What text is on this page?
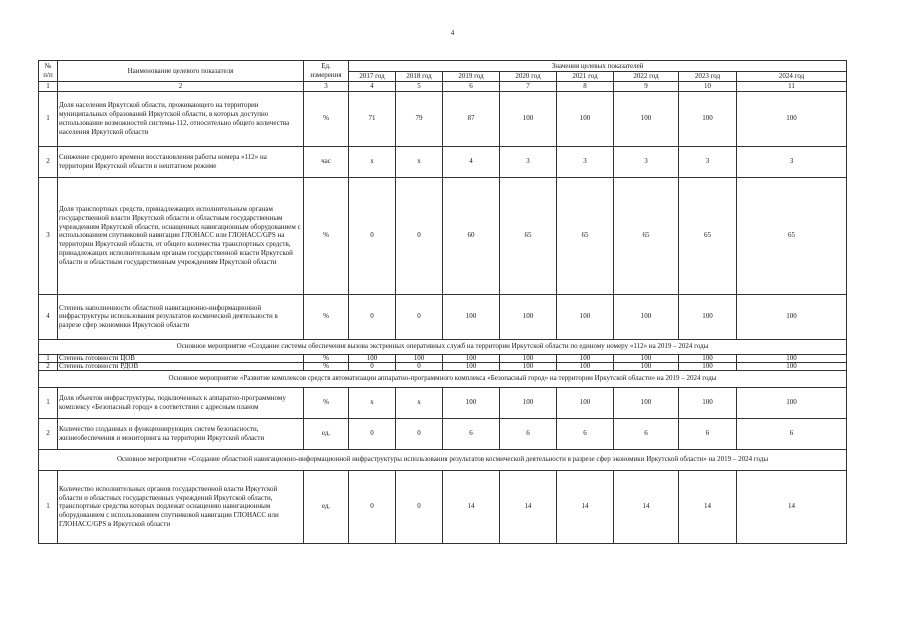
4
№ п/п	Наименование целевого показателя	Ед. измерения	Значения целевых показателей							
			2017 год	2018 год	2019 год	2020 год	2021 год	2022 год	2023 год	2024 год
1	2	3	4	5	6	7	8	9	10	11
1	Доля населения Иркутской области, проживающего на территории муниципальных образований Иркутской области, в которых доступно использование возможностей системы-112, относительно общего количества населения Иркутской области	%	71	79	87	100	100	100	100	100
2	Снижение среднего времени восстановления работы номера «112» на территории Иркутской области в нештатном режиме	час	х	х	4	3	3	3	3	3
3	Доля транспортных средств, принадлежащих исполнительным органам государственной власти Иркутской области и областным государственным учреждениям Иркутской области, оснащенных навигационным оборудованием с использованием спутниковой навигации ГЛОНАСС или ГЛОНАСС/GPS на территории Иркутской области, от общего количества транспортных средств, принадлежащих исполнительным органам государственной власти Иркутской области и областным государственным учреждениям Иркутской области	%	0	0	60	65	65	65	65	65
4	Степень наполненности областной навигационно-информационной инфраструктуры использования результатов космической деятельности в разрезе сфер экономики Иркутской области	%	0	0	100	100	100	100	100	100
Основное мероприятие «Создание системы обеспечения вызова экстренных оперативных служб на территории Иркутской области по единому номеру «112» на 2019 – 2024 годы										
1	Степень готовности ЦОВ	%	100	100	100	100	100	100	100	100
2	Степень готовности РДОВ	%	0	0	100	100	100	100	100	100
Основное мероприятие «Развитие комплексов средств автоматизации аппаратно-программного комплекса «Безопасный город» на территории Иркутской области» на 2019 – 2024 годы										
1	Доля объектов инфраструктуры, подключенных к аппаратно-программному комплексу «Безопасный город» в соответствии с адресным планом	%	х	х	100	100	100	100	100	100
2	Количество созданных и функционирующих систем безопасности, жизнеобеспечения и мониторинга на территории Иркутской области	ед.	0	0	6	6	6	6	6	6
Основное мероприятие «Создание областной навигационно-информационной инфраструктуры использования результатов космической деятельности в разрезе сфер экономики Иркутской области» на 2019 – 2024 годы										
1	Количество исполнительных органов государственной власти Иркутской области и областных государственных учреждений Иркутской области, транспортные средства которых подлежат оснащению навигационным оборудованием с использованием спутниковой навигации ГЛОНАСС или ГЛОНАСС/GPS в Иркутской области	ед.	0	0	14	14	14	14	14	14
